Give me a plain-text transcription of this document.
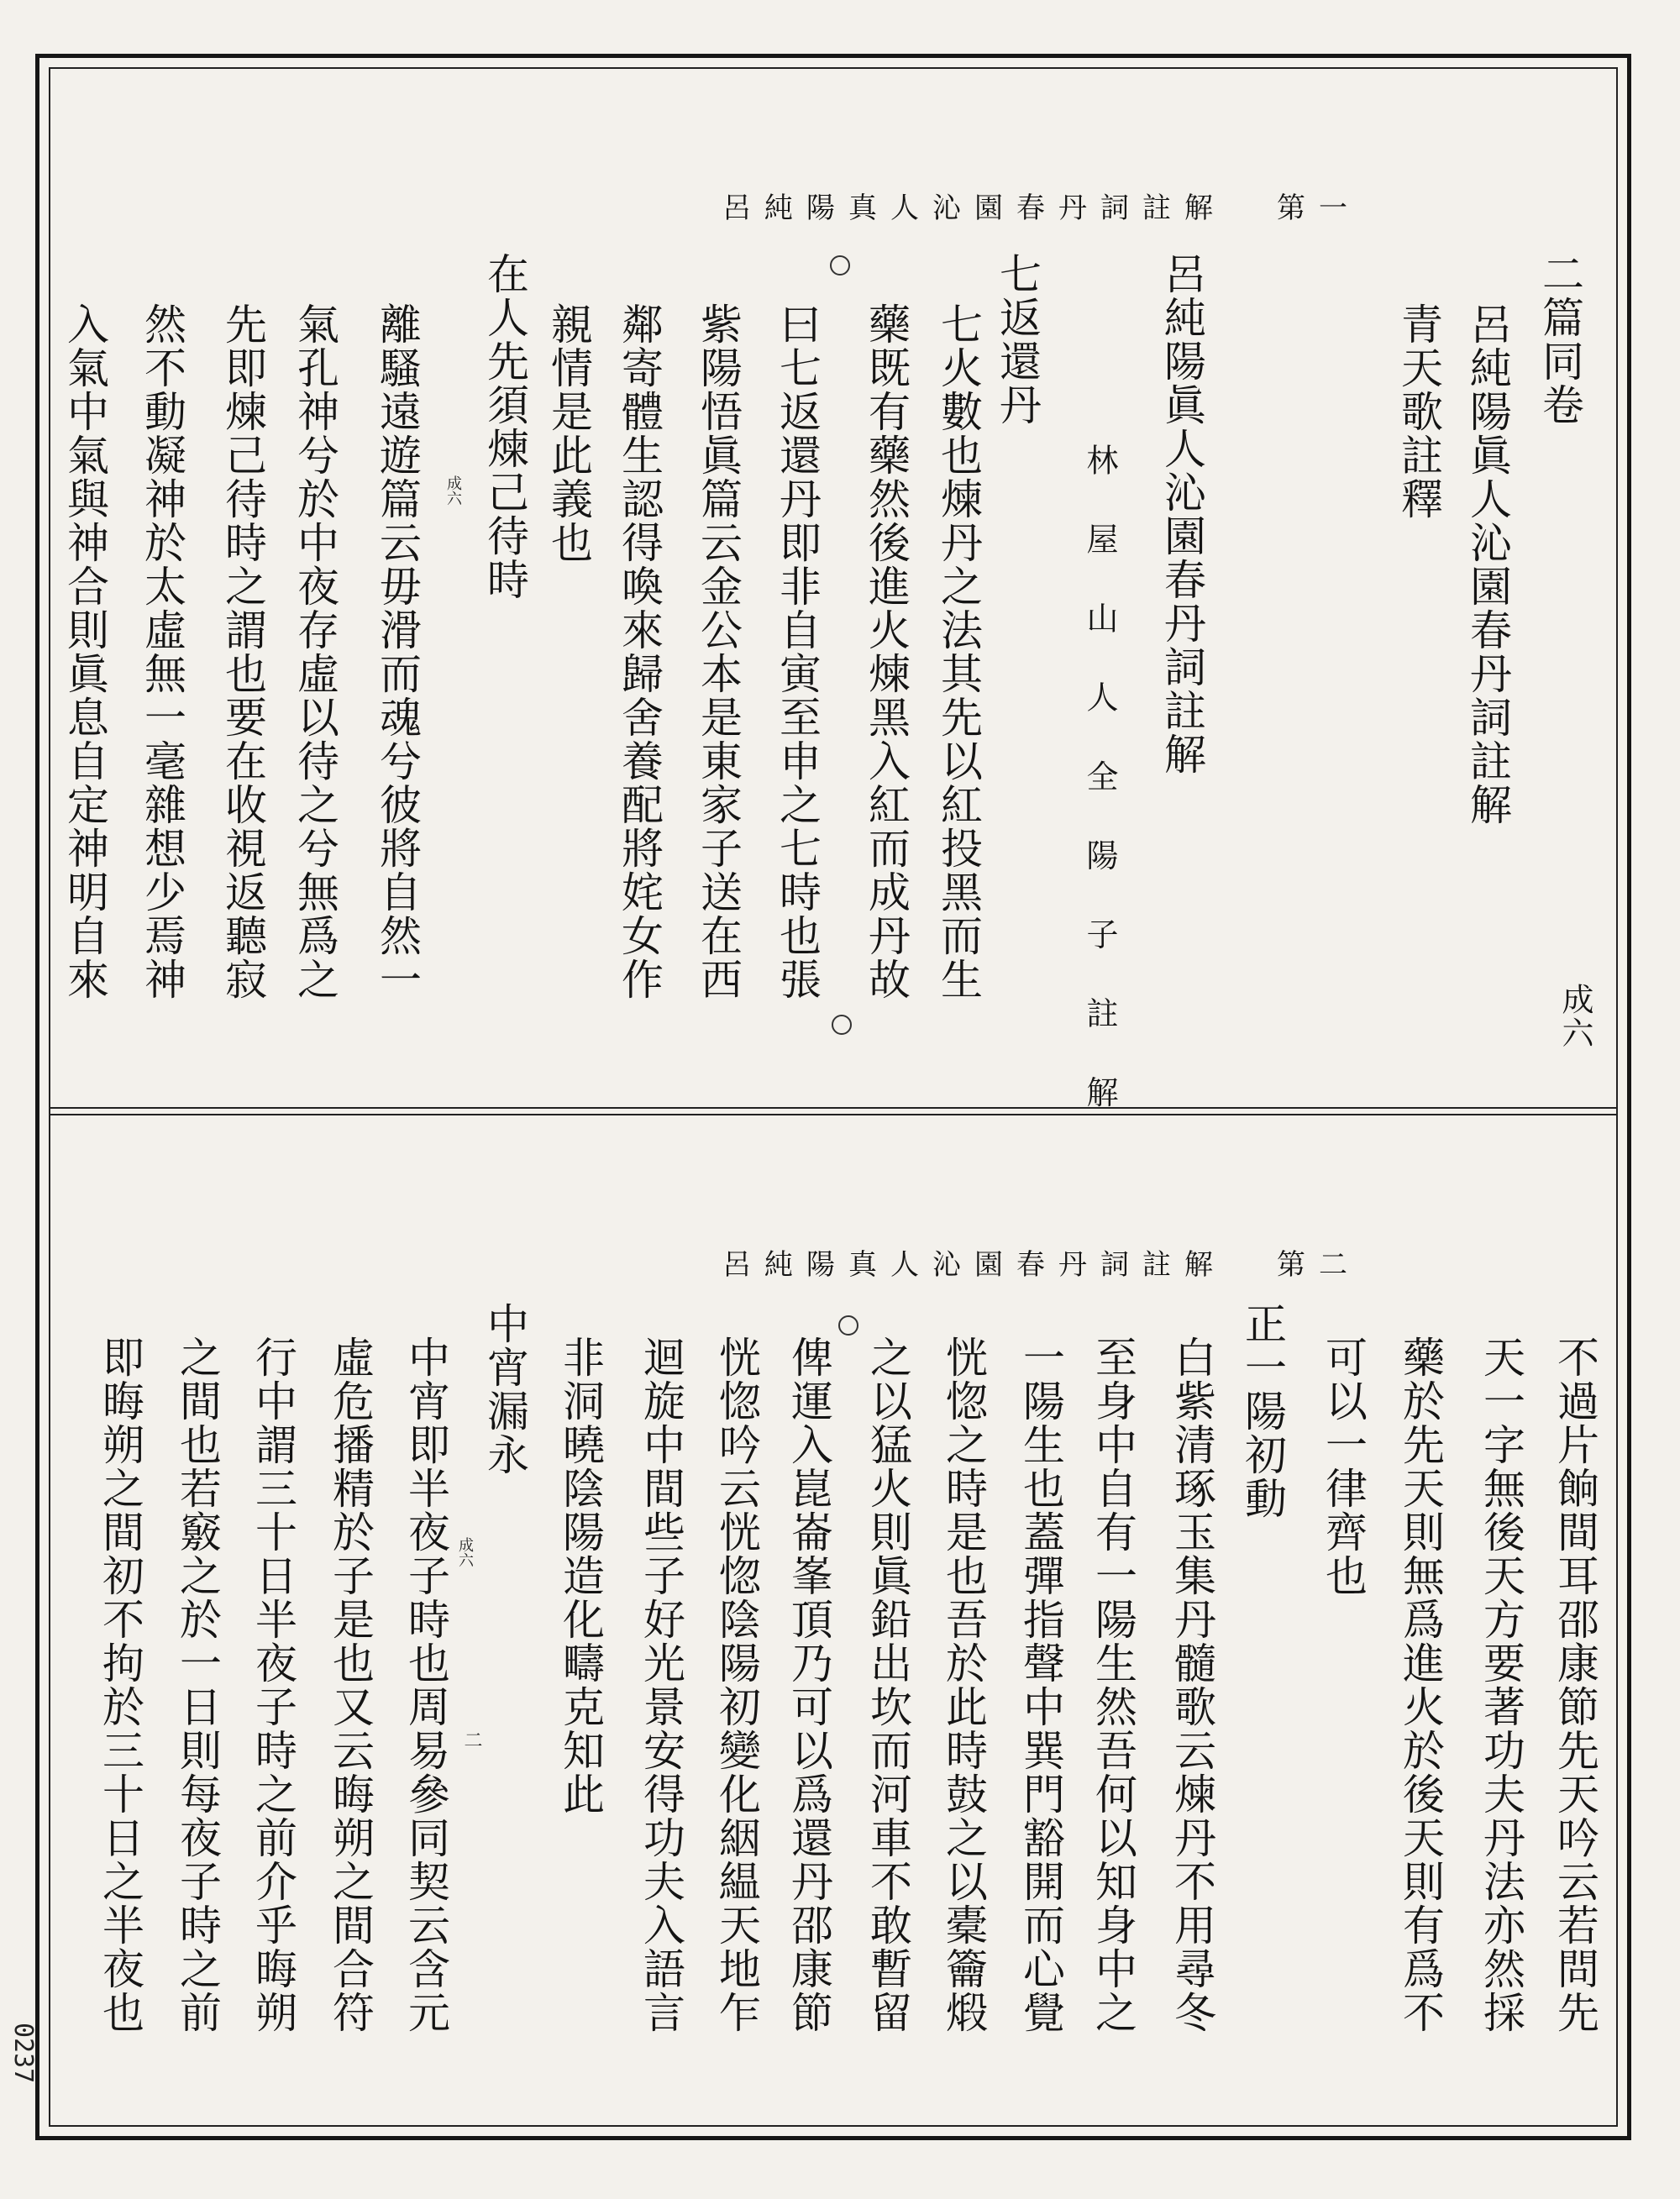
呂純陽真人沁園春丹詞註解 第一
二篇同卷
呂純陽眞人沁園春丹詞註解
青天歌註釋
成六
呂純陽眞人沁園春丹詞註解
林 屋 山 人 全 陽 子 註 解
七返還丹
七火數也煉丹之法其先以紅投黑而生
藥既有藥然後進火煉黑入紅而成丹故
曰七返還丹即非自寅至申之七時也張
紫陽悟眞篇云金公本是東家子送在西
鄰寄體生認得喚來歸舍養配將姹女作
親情是此義也
在人先須煉己待時
離騷遠遊篇云毋滑而魂兮彼將自然一
氣孔神兮於中夜存虛以待之兮無爲之
先即煉己待時之謂也要在收視返聽寂
然不動凝神於太虛無一毫雜想少焉神
入氣中氣與神合則眞息自定神明自來	成六
呂純陽真人沁園春丹詞註解 第二
不過片餉間耳邵康節先天吟云若問先
天一字無後天方要著功夫丹法亦然採
藥於先天則無爲進火於後天則有爲不
可以一律齊也
正一陽初動
白紫清琢玉集丹髓歌云煉丹不用尋冬
至身中自有一陽生然吾何以知身中之
一陽生也蓋彈指聲中巽門豁開而心覺
恍惚之時是也吾於此時鼓之以橐籥煅
之以猛火則眞鉛出坎而河車不敢暫留
俾運入崑崙峯頂乃可以爲還丹邵康節
恍惚吟云恍惚陰陽初變化絪緼天地乍
迴旋中間些子好光景安得功夫入語言
非洞曉陰陽造化疇克知此
中宵漏永
中宵即半夜子時也周易參同契云含元
虛危播精於子是也又云晦朔之間合符
行中謂三十日半夜子時之前介乎晦朔
之間也若竅之於一日則每夜子時之前
即晦朔之間初不拘於三十日之半夜也	成六
二
0237
